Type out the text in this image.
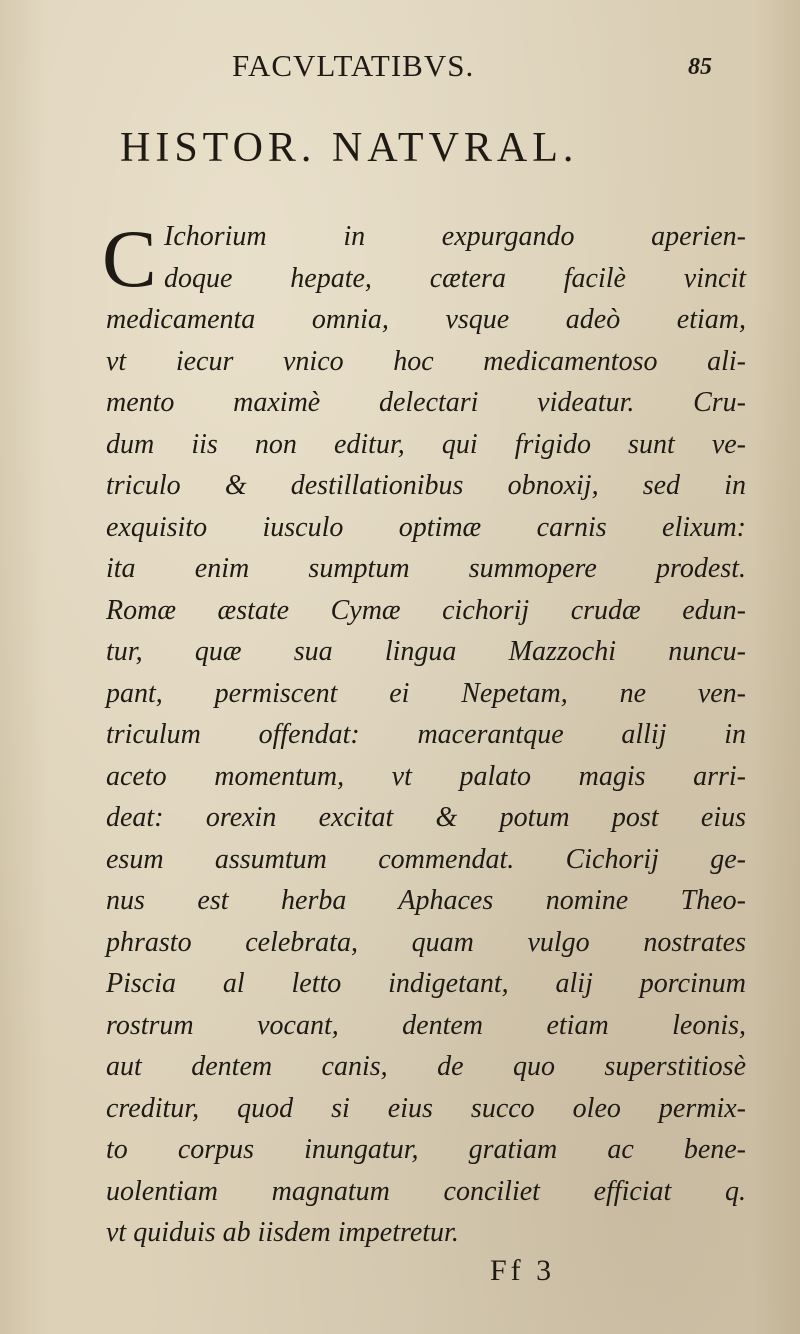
FACVLTATIBVS.	85
HISTOR. NATVRAL.
C Ichorium in expurgando aperien-
doque hepate, cætera facilè vincit
medicamenta omnia, vsque adeò etiam,
vt iecur vnico hoc medicamentoso ali-
mento maximè delectari videatur. Cru-
dum iis non editur, qui frigido sunt ve-
triculo & destillationibus obnoxij, sed in
exquisito iusculo optimæ carnis elixum:
ita enim sumptum summopere prodest.
Romæ æstate Cymæ cichorij crudæ edun-
tur, quæ sua lingua Mazzochi nuncu-
pant, permiscent ei Nepetam, ne ven-
triculum offendat: macerantque allij in
aceto momentum, vt palato magis arri-
deat: orexin excitat & potum post eius
esum assumtum commendat. Cichorij ge-
nus est herba Aphaces nomine Theo-
phrasto celebrata, quam vulgo nostrates
Piscia al letto indigetant, alij porcinum
rostrum vocant, dentem etiam leonis,
aut dentem canis, de quo superstitiosè
creditur, quod si eius succo oleo permix-
to corpus inungatur, gratiam ac bene-
uolentiam magnatum conciliet efficiat q.
vt quiduis ab iisdem impetretur.
Ff 3
